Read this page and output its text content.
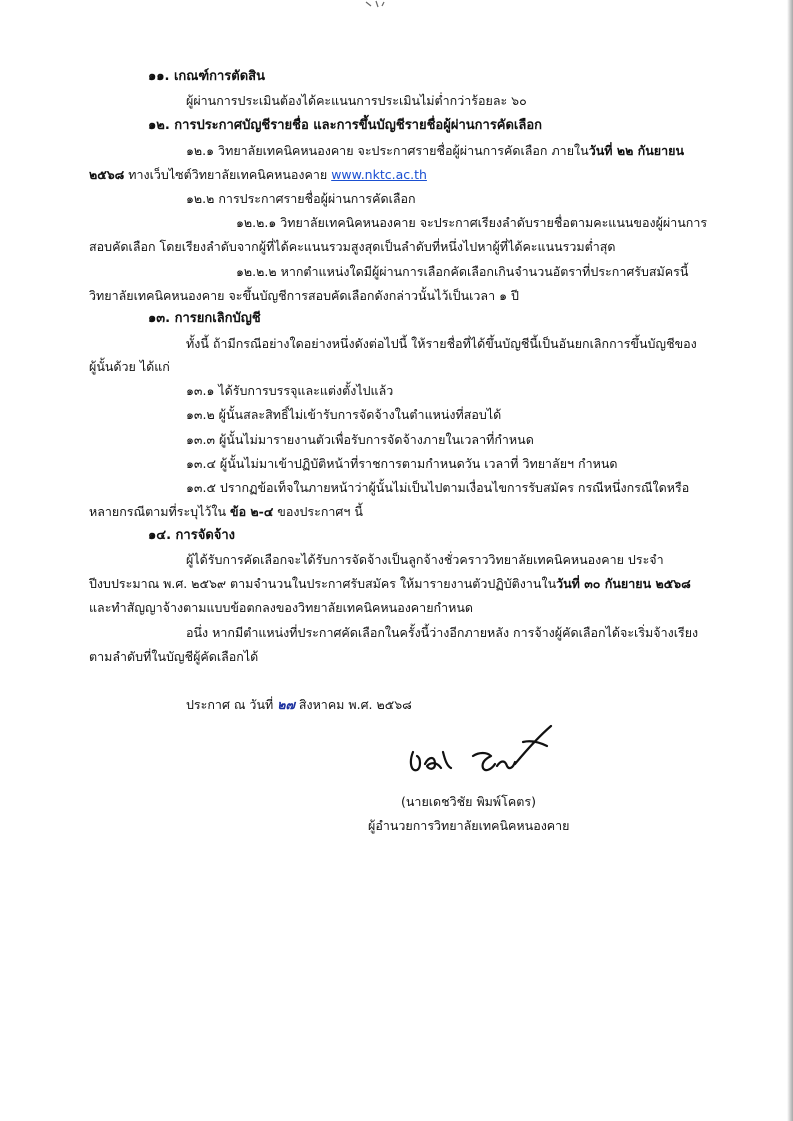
๑๑. เกณฑ์การตัดสิน
ผู้ผ่านการประเมินต้องได้คะแนนการประเมินไม่ต่ำกว่าร้อยละ ๖๐
๑๒. การประกาศบัญชีรายชื่อ และการขึ้นบัญชีรายชื่อผู้ผ่านการคัดเลือก
๑๒.๑ วิทยาลัยเทคนิคหนองคาย จะประกาศรายชื่อผู้ผ่านการคัดเลือก ภายในวันที่ ๒๒ กันยายน
๒๕๖๘ ทางเว็บไซต์วิทยาลัยเทคนิคหนองคาย www.nktc.ac.th
๑๒.๒ การประกาศรายชื่อผู้ผ่านการคัดเลือก
๑๒.๒.๑ วิทยาลัยเทคนิคหนองคาย จะประกาศเรียงลำดับรายชื่อตามคะแนนของผู้ผ่านการ
สอบคัดเลือก โดยเรียงลำดับจากผู้ที่ได้คะแนนรวมสูงสุดเป็นลำดับที่หนึ่งไปหาผู้ที่ได้คะแนนรวมต่ำสุด
๑๒.๒.๒ หากตำแหน่งใดมีผู้ผ่านการเลือกคัดเลือกเกินจำนวนอัตราที่ประกาศรับสมัครนี้
วิทยาลัยเทคนิคหนองคาย จะขึ้นบัญชีการสอบคัดเลือกดังกล่าวนั้นไว้เป็นเวลา ๑ ปี
๑๓. การยกเลิกบัญชี
ทั้งนี้ ถ้ามีกรณีอย่างใดอย่างหนึ่งดังต่อไปนี้ ให้รายชื่อที่ได้ขึ้นบัญชีนี้เป็นอันยกเลิกการขึ้นบัญชีของ
ผู้นั้นด้วย ได้แก่
๑๓.๑ ได้รับการบรรจุและแต่งตั้งไปแล้ว
๑๓.๒ ผู้นั้นสละสิทธิ์ไม่เข้ารับการจัดจ้างในตำแหน่งที่สอบได้
๑๓.๓ ผู้นั้นไม่มารายงานตัวเพื่อรับการจัดจ้างภายในเวลาที่กำหนด
๑๓.๔ ผู้นั้นไม่มาเข้าปฏิบัติหน้าที่ราชการตามกำหนดวัน เวลาที่ วิทยาลัยฯ กำหนด
๑๓.๕ ปรากฏข้อเท็จในภายหน้าว่าผู้นั้นไม่เป็นไปตามเงื่อนไขการรับสมัคร กรณีหนึ่งกรณีใดหรือ
หลายกรณีตามที่ระบุไว้ใน ข้อ ๒-๔ ของประกาศฯ นี้
๑๔. การจัดจ้าง
ผู้ได้รับการคัดเลือกจะได้รับการจัดจ้างเป็นลูกจ้างชั่วคราววิทยาลัยเทคนิคหนองคาย ประจำ
ปีงบประมาณ พ.ศ. ๒๕๖๙ ตามจำนวนในประกาศรับสมัคร ให้มารายงานตัวปฏิบัติงานในวันที่ ๓๐ กันยายน ๒๕๖๘
และทำสัญญาจ้างตามแบบข้อตกลงของวิทยาลัยเทคนิคหนองคายกำหนด
อนึ่ง หากมีตำแหน่งที่ประกาศคัดเลือกในครั้งนี้ว่างอีกภายหลัง การจ้างผู้คัดเลือกได้จะเริ่มจ้างเรียง
ตามลำดับที่ในบัญชีผู้คัดเลือกได้
ประกาศ ณ วันที่ ๒๗ สิงหาคม พ.ศ. ๒๕๖๘
(นายเดชวิชัย พิมพ์โคตร)
ผู้อำนวยการวิทยาลัยเทคนิคหนองคาย
